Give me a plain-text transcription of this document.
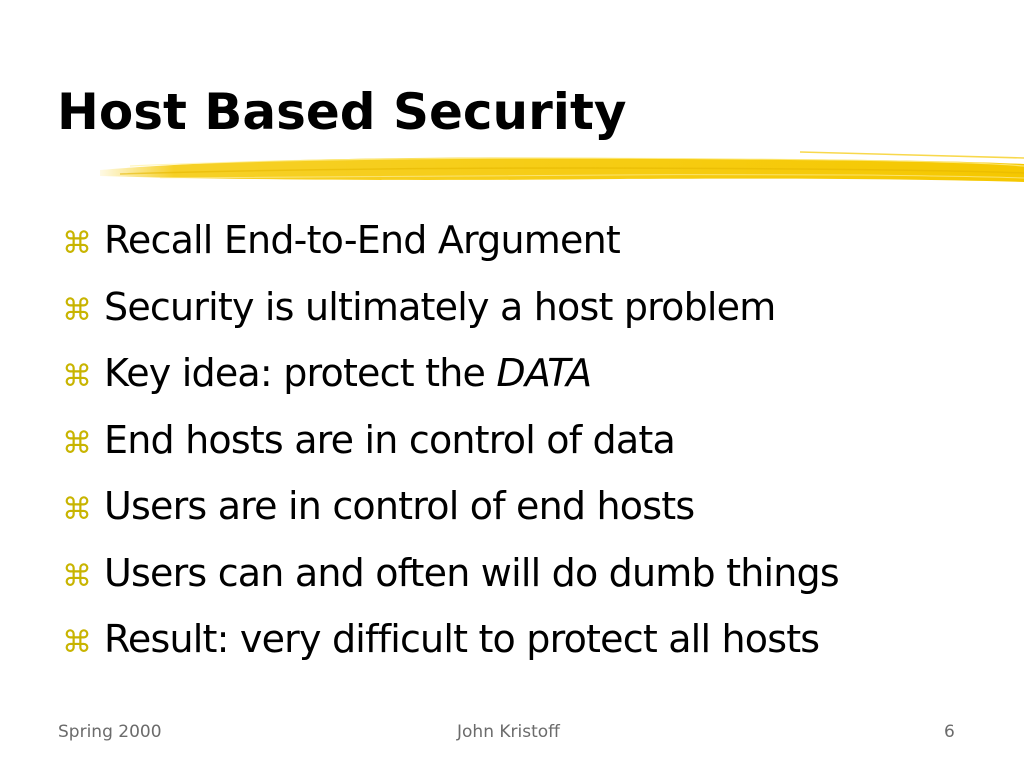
Host Based Security
⌘ Recall End-to-End Argument
⌘ Security is ultimately a host problem
⌘ Key idea: protect the DATA
⌘ End hosts are in control of data
⌘ Users are in control of end hosts
⌘ Users can and often will do dumb things
⌘ Result: very difficult to protect all hosts
Spring 2000	John Kristoff	6
